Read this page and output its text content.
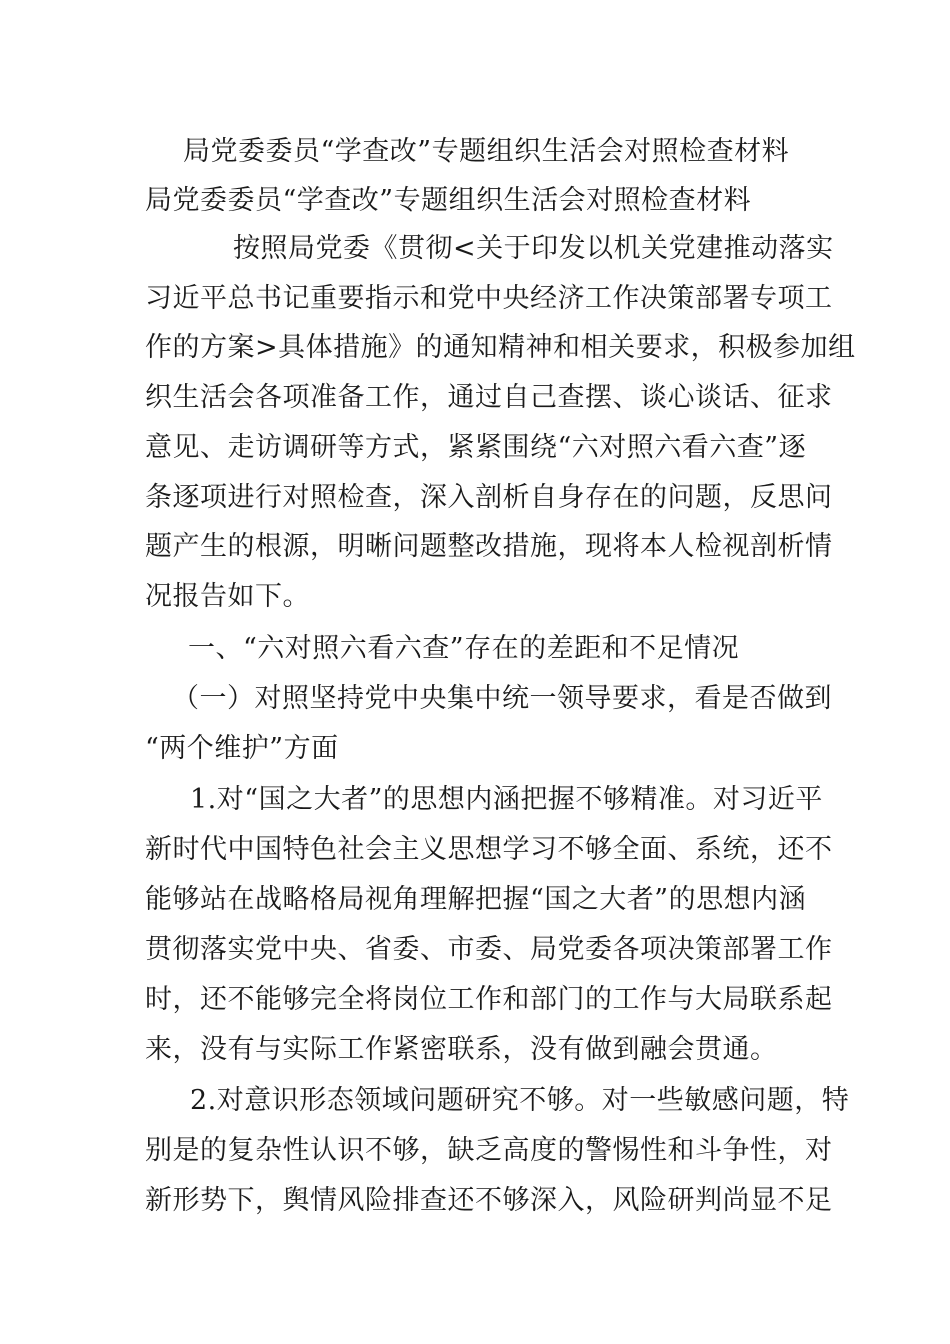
局党委委员“学查改”专题组织生活会对照检查材料
局党委委员“学查改”专题组织生活会对照检查材料
按照局党委《贯彻<关于印发以机关党建推动落实
习近平总书记重要指示和党中央经济工作决策部署专项工
作的方案>具体措施》的通知精神和相关要求，积极参加组
织生活会各项准备工作，通过自己查摆、谈心谈话、征求
意见、走访调研等方式，紧紧围绕“六对照六看六查”逐
条逐项进行对照检查，深入剖析自身存在的问题，反思问
题产生的根源，明晰问题整改措施，现将本人检视剖析情
况报告如下。
一、“六对照六看六查”存在的差距和不足情况
（一）对照坚持党中央集中统一领导要求，看是否做到
“两个维护”方面
1.对“国之大者”的思想内涵把握不够精准。对习近平
新时代中国特色社会主义思想学习不够全面、系统，还不
能够站在战略格局视角理解把握“国之大者”的思想内涵
贯彻落实党中央、省委、市委、局党委各项决策部署工作
时，还不能够完全将岗位工作和部门的工作与大局联系起
来，没有与实际工作紧密联系，没有做到融会贯通。
2.对意识形态领域问题研究不够。对一些敏感问题，特
别是的复杂性认识不够，缺乏高度的警惕性和斗争性，对
新形势下，舆情风险排查还不够深入，风险研判尚显不足
